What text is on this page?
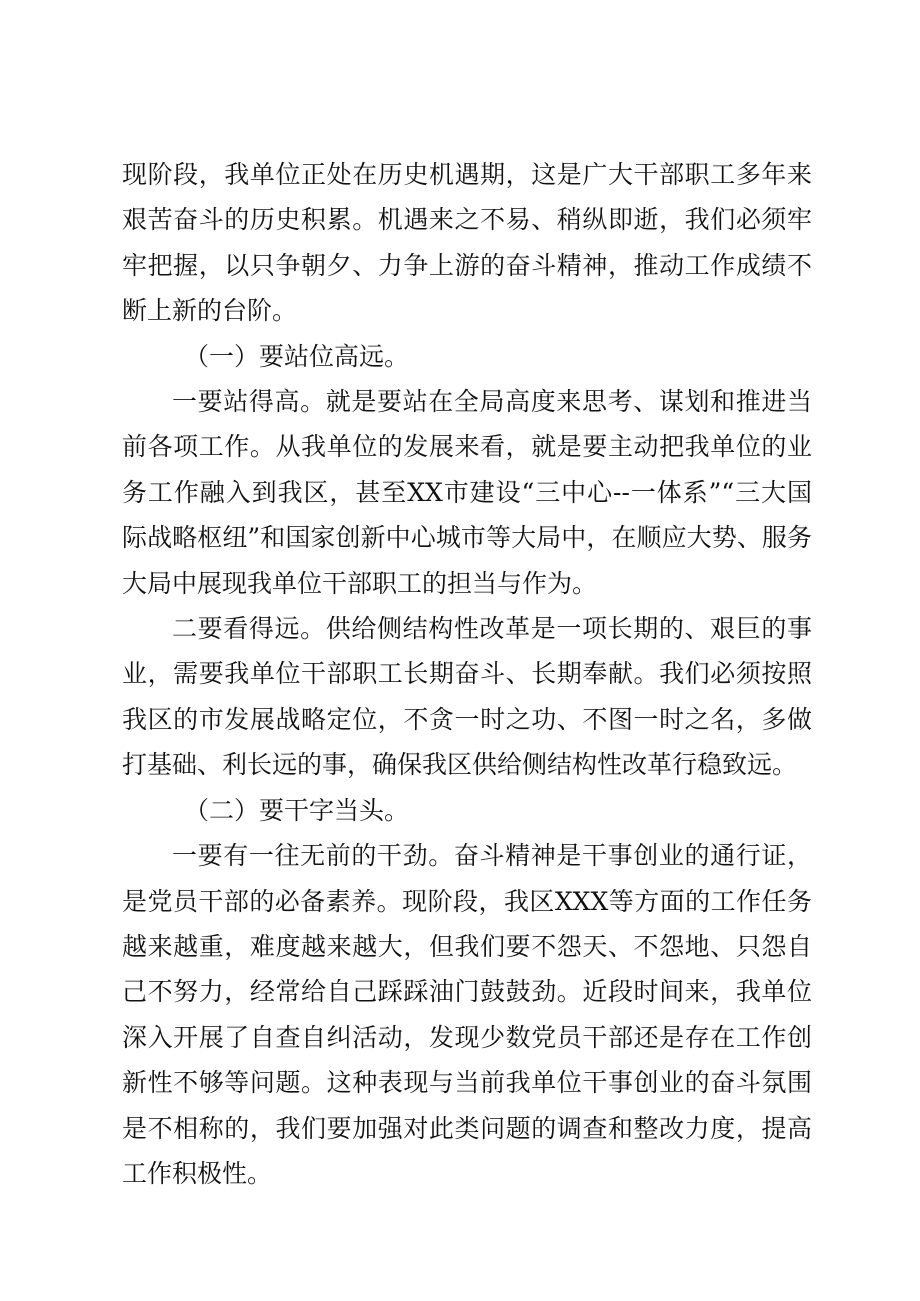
现阶段，我单位正处在历史机遇期，这是广大干部职工多年来艰苦奋斗的历史积累。机遇来之不易、稍纵即逝，我们必须牢牢把握，以只争朝夕、力争上游的奋斗精神，推动工作成绩不断上新的台阶。

（一）要站位高远。

一要站得高。就是要站在全局高度来思考、谋划和推进当前各项工作。从我单位的发展来看，就是要主动把我单位的业务工作融入到我区，甚至XX市建设“三中心--一体系”“三大国际战略枢纽”和国家创新中心城市等大局中，在顺应大势、服务大局中展现我单位干部职工的担当与作为。

二要看得远。供给侧结构性改革是一项长期的、艰巨的事业，需要我单位干部职工长期奋斗、长期奉献。我们必须按照我区的市发展战略定位，不贪一时之功、不图一时之名，多做打基础、利长远的事，确保我区供给侧结构性改革行稳致远。

（二）要干字当头。

一要有一往无前的干劲。奋斗精神是干事创业的通行证，是党员干部的必备素养。现阶段，我区XXX等方面的工作任务越来越重，难度越来越大，但我们要不怨天、不怨地、只怨自己不努力，经常给自己踩踩油门鼓鼓劲。近段时间来，我单位深入开展了自查自纠活动，发现少数党员干部还是存在工作创新性不够等问题。这种表现与当前我单位干事创业的奋斗氛围是不相称的，我们要加强对此类问题的调查和整改力度，提高工作积极性。
